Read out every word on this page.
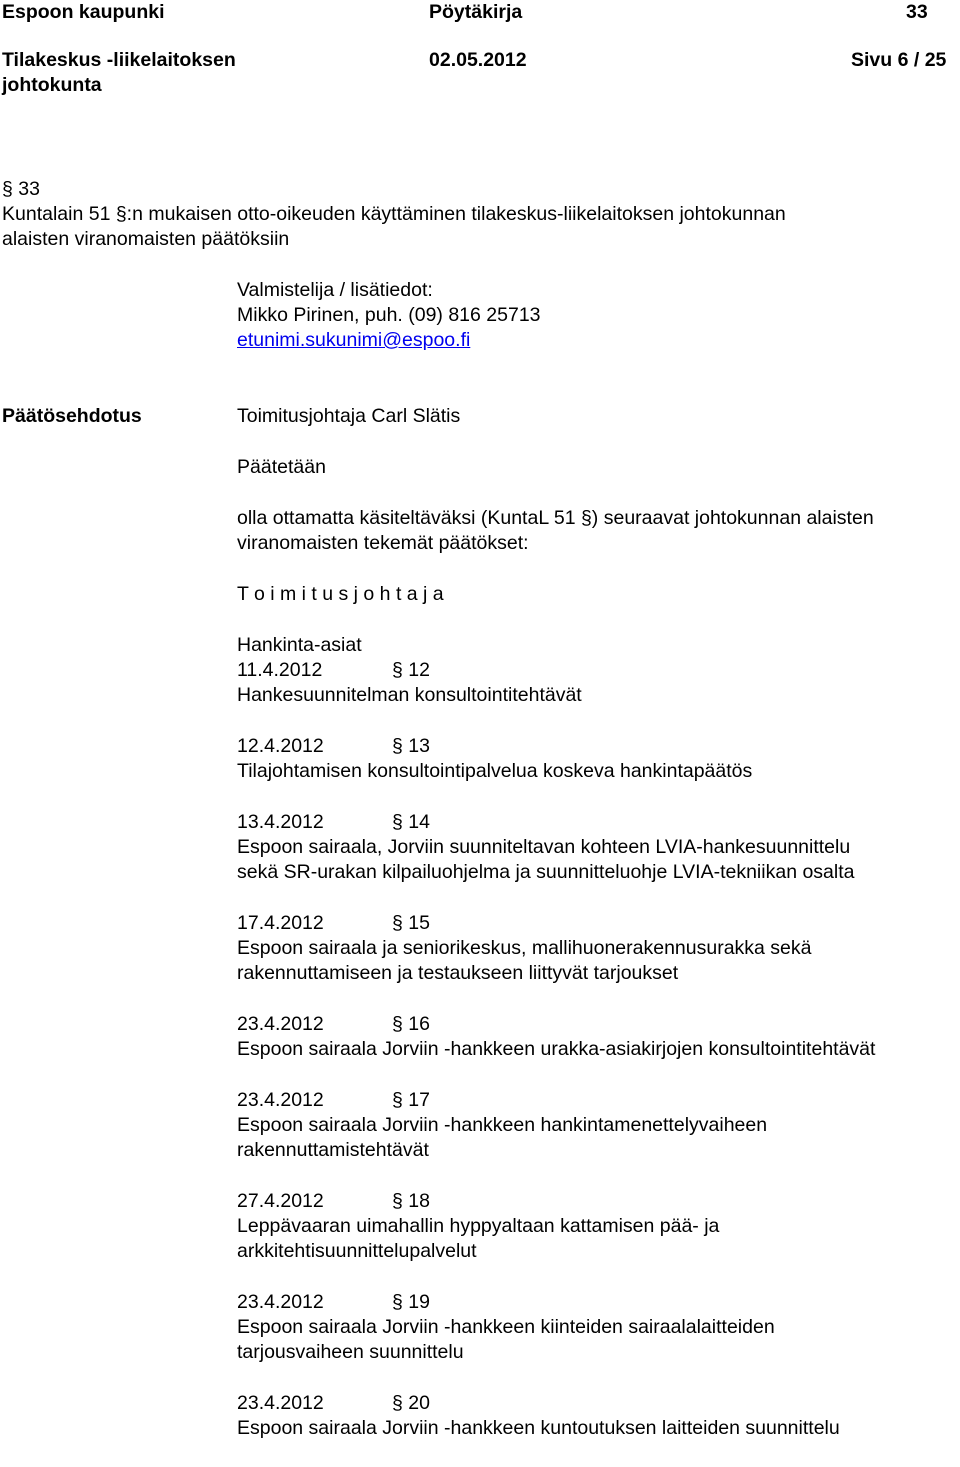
Espoon kaupunki	Pöytäkirja	33
Tilakeskus -liikelaitoksen
johtokunta
02.05.2012	Sivu 6 / 25
§ 33
Kuntalain 51 §:n mukaisen otto-oikeuden käyttäminen tilakeskus-liikelaitoksen johtokunnan
alaisten viranomaisten päätöksiin
Valmistelija / lisätiedot:
Mikko Pirinen, puh. (09) 816 25713
etunimi.sukunimi@espoo.fi
Päätösehdotus	Toimitusjohtaja Carl Slätis
Päätetään
olla ottamatta käsiteltäväksi (KuntaL 51 §) seuraavat johtokunnan alaisten
viranomaisten tekemät päätökset:
T o i m i t u s j o h t a j a
Hankinta-asiat
11.4.2012	§ 12
Hankesuunnitelman konsultointitehtävät
12.4.2012	§ 13
Tilajohtamisen konsultointipalvelua koskeva hankintapäätös
13.4.2012	§ 14
Espoon sairaala, Jorviin suunniteltavan kohteen LVIA-hankesuunnittelu
sekä SR-urakan kilpailuohjelma ja suunnitteluohje LVIA-tekniikan osalta
17.4.2012	§ 15
Espoon sairaala ja seniorikeskus, mallihuonerakennusurakka sekä
rakennuttamiseen ja testaukseen liittyvät tarjoukset
23.4.2012	§ 16
Espoon sairaala Jorviin -hankkeen urakka-asiakirjojen konsultointitehtävät
23.4.2012	§ 17
Espoon sairaala Jorviin -hankkeen hankintamenettelyvaiheen
rakennuttamistehtävät
27.4.2012	§ 18
Leppävaaran uimahallin hyppyaltaan kattamisen pää- ja
arkkitehtisuunnittelupalvelut
23.4.2012	§ 19
Espoon sairaala Jorviin -hankkeen kiinteiden sairaalalaitteiden
tarjousvaiheen suunnittelu
23.4.2012	§ 20
Espoon sairaala Jorviin -hankkeen kuntoutuksen laitteiden suunnittelu
